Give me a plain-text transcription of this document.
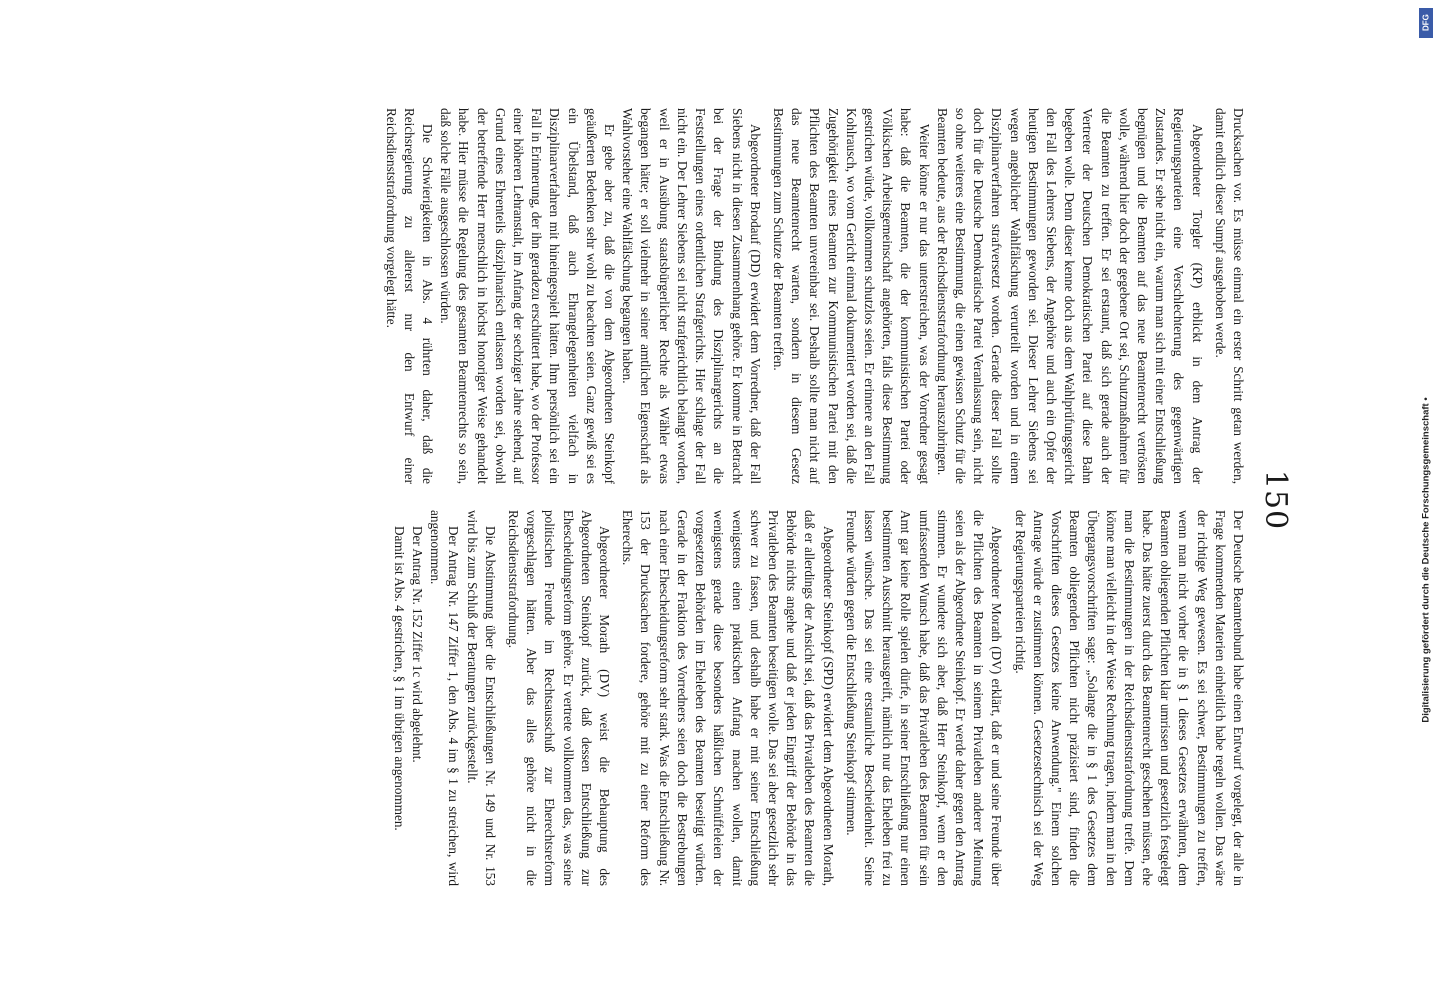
150

Drucksachen vor. Es müsse einmal ein erster Schritt getan werden, damit endlich dieser Sumpf ausgehoben werde.

Abgeordneter Torgler (KP) erblickt in dem Antrag der Regierungsparteien eine Verschlechterung des gegenwärtigen Zustandes. Er sehe nicht ein, warum man sich mit einer Entschließung begnügen und die Beamten auf das neue Beamtenrecht vertrösten wolle, während hier doch der gegebene Ort sei, Schutzmaßnahmen für die Beamten zu treffen. Er sei erstaunt, daß sich gerade auch der Vertreter der Deutschen Demokratischen Partei auf diese Bahn begeben wolle. Denn dieser kenne doch aus dem Wahlprüfungsgericht den Fall des Lehrers Siebens, der Angehöre und auch ein Opfer der heutigen Bestimmungen geworden sei. Dieser Lehrer Siebens sei wegen angeblicher Wahlfälschung verurteilt worden und in einem Disziplinarverfahren strafversetzt worden. Gerade dieser Fall sollte doch für die Deutsche Demokratische Partei Veranlassung sein, nicht so ohne weiteres eine Bestimmung, die einen gewissen Schutz für die Beamten bedeute, aus der Reichsdienststrafordnung herauszubringen.

Weiter könne er nur das unterstreichen, was der Vorredner gesagt habe: daß die Beamten, die der kommunistischen Partei oder Völkischen Arbeitsgemeinschaft angehörten, falls diese Bestimmung gestrichen würde, vollkommen schutzlos seien. Er erinnere an den Fall Kohlrausch, wo vom Gericht einmal dokumentiert worden sei, daß die Zugehörigkeit eines Beamten zur Kommunistischen Partei mit den Pflichten des Beamten unvereinbar sei. Deshalb sollte man nicht auf das neue Beamtenrecht warten, sondern in diesem Gesetz Bestimmungen zum Schutze der Beamten treffen.

Abgeordneter Brodauf (DD) erwidert dem Vorredner, daß der Fall Siebens nicht in diesen Zusammenhang gehöre. Er komme in Betracht bei der Frage der Bindung des Disziplinargerichts an die Feststellungen eines ordentlichen Strafgerichts. Hier schlage der Fall nicht ein. Der Lehrer Siebens sei nicht strafgerichtlich belangt worden, weil er in Ausübung staatsbürgerlicher Rechte als Wähler etwas begangen hätte; er soll vielmehr in seiner amtlichen Eigenschaft als Wahlvorsteher eine Wahlfälschung begangen haben.

Er gebe aber zu, daß die von dem Abgeordneten Steinkopf geäußerten Bedenken sehr wohl zu beachten seien. Ganz gewiß sei es ein Übelstand, daß auch Ehrangelegenheiten vielfach in Disziplinarverfahren mit hineingespielt hätten. Ihm persönlich sei ein Fall in Erinnerung, der ihn geradezu erschüttert habe, wo der Professor einer höheren Lehranstalt, im Anfang der sechziger Jahre stehend, auf Grund eines Ehrenteils disziplinarisch entlassen worden sei, obwohl der betreffende Herr menschlich in höchst honoriger Weise gehandelt habe. Hier müsse die Regelung des gesamten Beamtenrechts so sein, daß solche Fälle ausgeschlossen würden.

Die Schwierigkeiten in Abs. 4 rührten daher, daß die Reichsregierung zu allererst nur den Entwurf einer Reichsdienststrafordnung vorgelegt hätte.

Der Deutsche Beamtenbund habe einen Entwurf vorgelegt, der alle in Frage kommenden Materien einheitlich habe regeln wollen. Das wäre der richtige Weg gewesen. Es sei schwer, Bestimmungen zu treffen, wenn man nicht vorher die in § 1 dieses Gesetzes erwähnten, dem Beamten obliegenden Pflichten klar umrissen und gesetzlich festgelegt habe. Das hätte zuerst durch das Beamtenrecht geschehen müssen, ehe man die Bestimmungen in der Reichsdienststrafordnung treffe. Dem könne man vielleicht in der Weise Rechnung tragen, indem man in den Übergangsvorschriften sage: „Solange die in § 1 des Gesetzes dem Beamten obliegenden Pflichten nicht präzisiert sind, finden die Vorschriften dieses Gesetzes keine Anwendung." Einem solchen Antrage würde er zustimmen können. Gesetzestechnisch sei der Weg der Regierungsparteien richtig.

Abgeordneter Morath (DV) erklärt, daß er und seine Freunde über die Pflichten des Beamten in seinem Privatleben anderer Meinung seien als der Abgeordnete Steinkopf. Er werde daher gegen den Antrag stimmen. Er wundere sich aber, daß Herr Steinkopf, wenn er den umfassenden Wunsch habe, daß das Privatleben des Beamten für sein Amt gar keine Rolle spielen dürfe, in seiner Entschließung nur einen bestimmten Ausschnitt herausgreift, nämlich nur das Eheleben frei zu lassen wünsche. Das sei eine erstaunliche Bescheidenheit. Seine Freunde würden gegen die Entschließung Steinkopf stimmen.

Abgeordneter Steinkopf (SPD) erwidert dem Abgeordneten Morath, daß er allerdings der Ansicht sei, daß das Privatleben des Beamten die Behörde nichts angehe und daß er jeden Eingriff der Behörde in das Privatleben des Beamten beseitigen wolle. Das sei aber gesetzlich sehr schwer zu fassen, und deshalb habe er mit seiner Entschließung wenigstens einen praktischen Anfang machen wollen, damit wenigstens gerade diese besonders häßlichen Schnüffeleien der vorgesetzten Behörden im Eheleben des Beamten beseitigt würden. Gerade in der Fraktion des Vorredners seien doch die Bestrebungen nach einer Ehescheidungsreform sehr stark. Was die Entschließung Nr. 153 der Drucksachen fordere, gehöre mit zu einer Reform des Eherechts.

Abgeordneter Morath (DV) weist die Behauptung des Abgeordneten Steinkopf zurück, daß dessen Entschließung zur Ehescheidungsreform gehöre. Er vertrete vollkommen das, was seine politischen Freunde im Rechtsausschuß zur Eherechtsreform vorgeschlagen hätten. Aber das alles gehöre nicht in die Reichsdienststrafordnung.

Die Abstimmung über die Entschließungen Nr. 149 und Nr. 153 wird bis zum Schluß der Beratungen zurückgestellt.

Der Antrag Nr. 147 Ziffer 1, den Abs. 4 im § 1 zu streichen, wird angenommen.

Der Antrag Nr. 152 Ziffer 1c wird abgelehnt.

Damit ist Abs. 4 gestrichen, § 1 im übrigen angenommen.

DFG
Digitalisierung gefördert durch die Deutsche Forschungsgemeinschaft •
